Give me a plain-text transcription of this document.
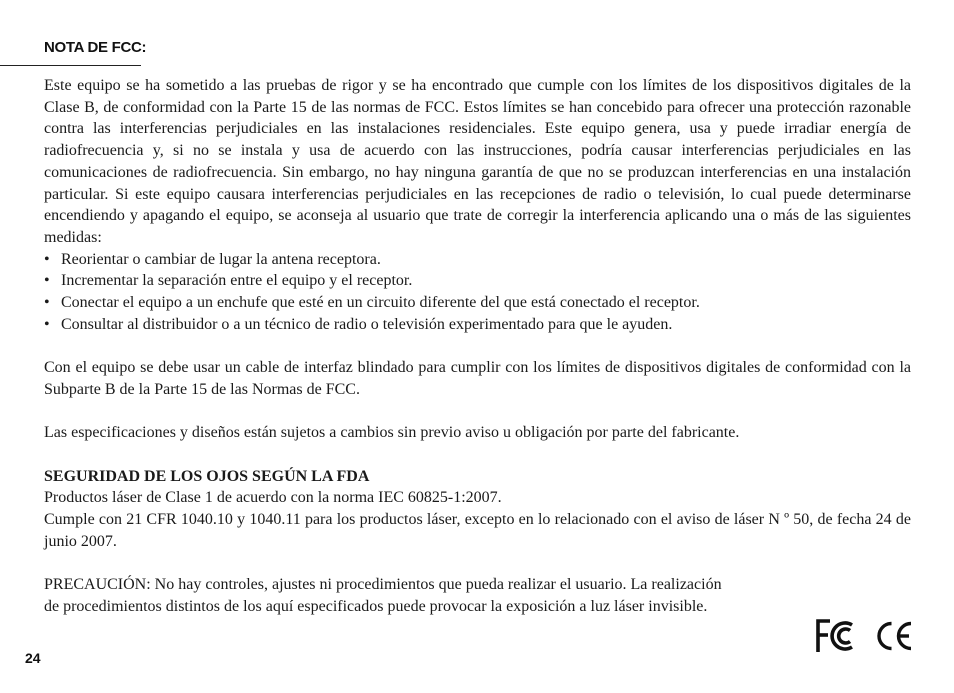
NOTA DE FCC:

Este equipo se ha sometido a las pruebas de rigor y se ha encontrado que cumple con los límites de los dispositivos digitales de la Clase B, de conformidad con la Parte 15 de las normas de FCC. Estos límites se han concebido para ofrecer una protección razonable contra las interferencias perjudiciales en las instalaciones residenciales. Este equipo genera, usa y puede irradiar energía de radiofrecuencia y, si no se instala y usa de acuerdo con las instrucciones, podría causar interferencias perjudiciales en las comunicaciones de radiofrecuencia. Sin embargo, no hay ninguna garantía de que no se produzcan interferencias en una instalación particular. Si este equipo causara interferencias perjudiciales en las recepciones de radio o televisión, lo cual puede determinarse encendiendo y apagando el equipo, se aconseja al usuario que trate de corregir la interferencia aplicando una o más de las siguientes medidas:

• Reorientar o cambiar de lugar la antena receptora.
• Incrementar la separación entre el equipo y el receptor.
• Conectar el equipo a un enchufe que esté en un circuito diferente del que está conectado el receptor.
• Consultar al distribuidor o a un técnico de radio o televisión experimentado para que le ayuden.

Con el equipo se debe usar un cable de interfaz blindado para cumplir con los límites de dispositivos digitales de conformidad con la Subparte B de la Parte 15 de las Normas de FCC.

Las especificaciones y diseños están sujetos a cambios sin previo aviso u obligación por parte del fabricante.

SEGURIDAD DE LOS OJOS SEGÚN LA FDA

Productos láser de Clase 1 de acuerdo con la norma IEC 60825-1:2007.

Cumple con 21 CFR 1040.10 y 1040.11 para los productos láser, excepto en lo relacionado con el aviso de láser N º 50, de fecha 24 de junio 2007.

PRECAUCIÓN: No hay controles, ajustes ni procedimientos que pueda realizar el usuario. La realización

de procedimientos distintos de los aquí especificados puede provocar la exposición a luz láser invisible.

24
